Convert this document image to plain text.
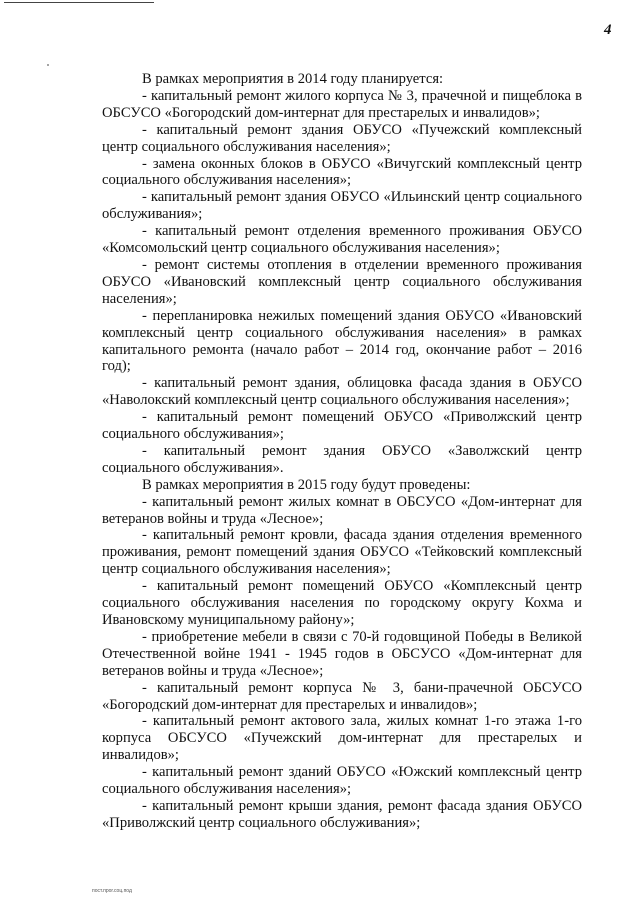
4

В рамках мероприятия в 2014 году планируется:

- капитальный ремонт жилого корпуса № 3, прачечной и пищеблока в ОБСУСО «Богородский дом-интернат для престарелых и инвалидов»;

- капитальный ремонт здания ОБУСО «Пучежский комплексный центр социального обслуживания населения»;

- замена оконных блоков в ОБУСО «Вичугский комплексный центр социального обслуживания населения»;

- капитальный ремонт здания ОБУСО «Ильинский центр социального обслуживания»;

- капитальный ремонт отделения временного проживания ОБУСО «Комсомольский центр социального обслуживания населения»;

- ремонт системы отопления в отделении временного проживания ОБУСО «Ивановский комплексный центр социального обслуживания населения»;

- перепланировка нежилых помещений здания ОБУСО «Ивановский комплексный центр социального обслуживания населения» в рамках капитального ремонта (начало работ – 2014 год, окончание работ – 2016 год);

- капитальный ремонт здания, облицовка фасада здания в ОБУСО «Наволокский комплексный центр социального обслуживания населения»;

- капитальный ремонт помещений ОБУСО «Приволжский центр социального обслуживания»;

- капитальный ремонт здания ОБУСО «Заволжский центр социального обслуживания».

В рамках мероприятия в 2015 году будут проведены:

- капитальный ремонт жилых комнат в ОБСУСО «Дом-интернат для ветеранов войны и труда «Лесное»;

- капитальный ремонт кровли, фасада здания отделения временного проживания, ремонт помещений здания ОБУСО «Тейковский комплексный центр социального обслуживания населения»;

- капитальный ремонт помещений ОБУСО «Комплексный центр социального обслуживания населения по городскому округу Кохма и Ивановскому муниципальному району»;

- приобретение мебели в связи с 70-й годовщиной Победы в Великой Отечественной войне 1941 - 1945 годов в ОБСУСО «Дом-интернат для ветеранов войны и труда «Лесное»;

- капитальный ремонт корпуса № 3, бани-прачечной ОБСУСО «Богородский дом-интернат для престарелых и инвалидов»;

- капитальный ремонт актового зала, жилых комнат 1-го этажа 1-го корпуса ОБСУСО «Пучежский дом-интернат для престарелых и инвалидов»;

- капитальный ремонт зданий ОБУСО «Южский комплексный центр социального обслуживания населения»;

- капитальный ремонт крыши здания, ремонт фасада здания ОБУСО «Приволжский центр социального обслуживания»;

пост.прог.соц.под
